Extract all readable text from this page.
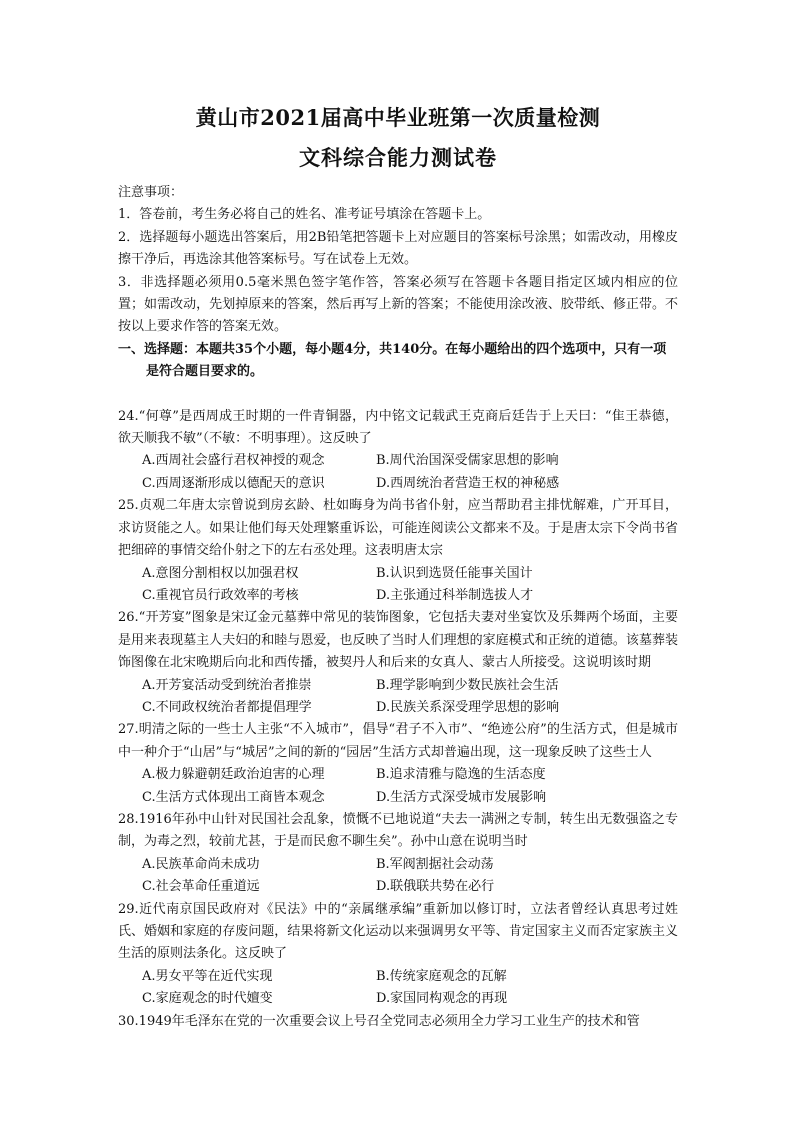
黄山市2021届高中毕业班第一次质量检测
文科综合能力测试卷

注意事项：

1．答卷前，考生务必将自己的姓名、准考证号填涂在答题卡上。

2．选择题每小题选出答案后，用2B铅笔把答题卡上对应题目的答案标号涂黑；如需改动，用橡皮擦干净后，再选涂其他答案标号。写在试卷上无效。

3．非选择题必须用0.5毫米黑色签字笔作答，答案必须写在答题卡各题目指定区域内相应的位置；如需改动，先划掉原来的答案，然后再写上新的答案；不能使用涂改液、胶带纸、修正带。不按以上要求作答的答案无效。

一、选择题：本题共35个小题，每小题4分，共140分。在每小题给出的四个选项中，只有一项是符合题目要求的。

24.“何尊”是西周成王时期的一件青铜器，内中铭文记载武王克商后廷告于上天曰：“隹王恭德，欲天顺我不敏”（不敏：不明事理）。这反映了

A.西周社会盛行君权神授的观念	B.周代治国深受儒家思想的影响
C.西周逐渐形成以德配天的意识	D.西周统治者营造王权的神秘感

25.贞观二年唐太宗曾说到房玄龄、杜如晦身为尚书省仆射，应当帮助君主排忧解难，广开耳目，求访贤能之人。如果让他们每天处理繁重诉讼，可能连阅读公文都来不及。于是唐太宗下令尚书省把细碎的事情交给仆射之下的左右丞处理。这表明唐太宗

A.意图分割相权以加强君权	B.认识到选贤任能事关国计
C.重视官员行政效率的考核	D.主张通过科举制选拔人才

26.“开芳宴”图象是宋辽金元墓葬中常见的装饰图象，它包括夫妻对坐宴饮及乐舞两个场面，主要是用来表现墓主人夫妇的和睦与恩爱，也反映了当时人们理想的家庭模式和正统的道德。该墓葬装饰图像在北宋晚期后向北和西传播，被契丹人和后来的女真人、蒙古人所接受。这说明该时期

A.开芳宴活动受到统治者推崇	B.理学影响到少数民族社会生活
C.不同政权统治者都提倡理学	D.民族关系深受理学思想的影响

27.明清之际的一些士人主张“不入城市”，倡导“君子不入市”、“绝迹公府”的生活方式，但是城市中一种介于“山居”与“城居”之间的新的“园居”生活方式却普遍出现，这一现象反映了这些士人

A.极力躲避朝廷政治迫害的心理	B.追求清雅与隐逸的生活态度
C.生活方式体现出工商皆本观念	D.生活方式深受城市发展影响

28.1916年孙中山针对民国社会乱象，愤慨不已地说道“夫去一满洲之专制，转生出无数强盗之专制，为毒之烈，较前尤甚，于是而民愈不聊生矣”。孙中山意在说明当时

A.民族革命尚未成功	B.军阀割据社会动荡
C.社会革命任重道远	D.联俄联共势在必行

29.近代南京国民政府对《民法》中的“亲属继承编”重新加以修订时，立法者曾经认真思考过姓氏、婚姻和家庭的存废问题，结果将新文化运动以来强调男女平等、肯定国家主义而否定家族主义生活的原则法条化。这反映了

A.男女平等在近代实现	B.传统家庭观念的瓦解
C.家庭观念的时代嬗变	D.家国同构观念的再现

30.1949年毛泽东在党的一次重要会议上号召全党同志必须用全力学习工业生产的技术和管
